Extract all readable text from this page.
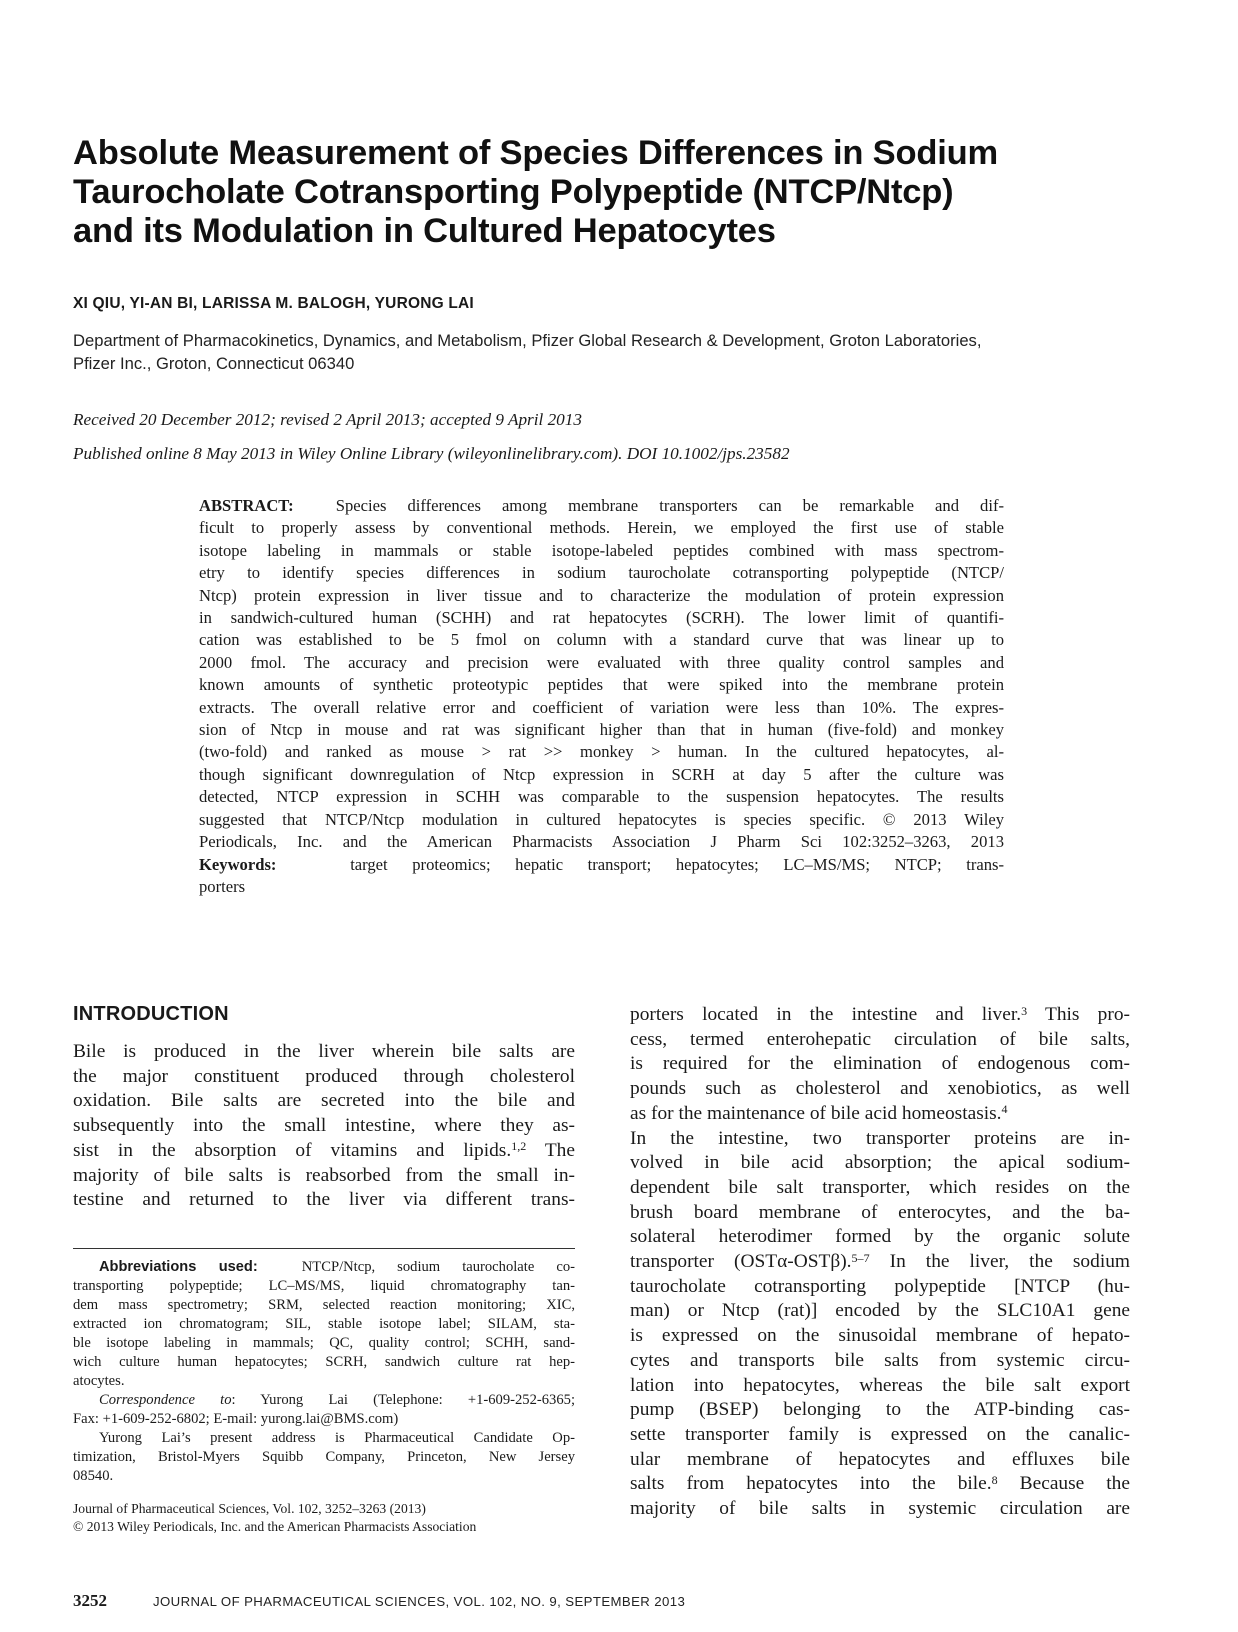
Absolute Measurement of Species Differences in Sodium
Taurocholate Cotransporting Polypeptide (NTCP/Ntcp)
and its Modulation in Cultured Hepatocytes
XI QIU, YI-AN BI, LARISSA M. BALOGH, YURONG LAI
Department of Pharmacokinetics, Dynamics, and Metabolism, Pfizer Global Research & Development, Groton Laboratories,
Pfizer Inc., Groton, Connecticut 06340
Received 20 December 2012; revised 2 April 2013; accepted 9 April 2013
Published online 8 May 2013 in Wiley Online Library (wileyonlinelibrary.com). DOI 10.1002/jps.23582
ABSTRACT:	Species differences among membrane transporters can be remarkable and dif-
ficult to properly assess by conventional methods. Herein, we employed the first use of stable
isotope labeling in mammals or stable isotope-labeled peptides combined with mass spectrom-
etry to identify species differences in sodium taurocholate cotransporting polypeptide (NTCP/
Ntcp) protein expression in liver tissue and to characterize the modulation of protein expression
in sandwich-cultured human (SCHH) and rat hepatocytes (SCRH). The lower limit of quantifi-
cation was established to be 5 fmol on column with a standard curve that was linear up to
2000 fmol. The accuracy and precision were evaluated with three quality control samples and
known amounts of synthetic proteotypic peptides that were spiked into the membrane protein
extracts. The overall relative error and coefficient of variation were less than 10%. The expres-
sion of Ntcp in mouse and rat was significant higher than that in human (five-fold) and monkey
(two-fold) and ranked as mouse > rat >> monkey > human. In the cultured hepatocytes, al-
though significant downregulation of Ntcp expression in SCRH at day 5 after the culture was
detected, NTCP expression in SCHH was comparable to the suspension hepatocytes. The results
suggested that NTCP/Ntcp modulation in cultured hepatocytes is species specific. © 2013 Wiley
Periodicals, Inc. and the American Pharmacists Association J Pharm Sci 102:3252–3263, 2013
Keywords:	target proteomics; hepatic transport; hepatocytes; LC–MS/MS; NTCP; trans-
porters
INTRODUCTION
Bile is produced in the liver wherein bile salts are
the major constituent produced through cholesterol
oxidation. Bile salts are secreted into the bile and
subsequently into the small intestine, where they as-
sist in the absorption of vitamins and lipids.$^{1,2}$ The
majority of bile salts is reabsorbed from the small in-
testine and returned to the liver via different trans-
Abbreviations used:	NTCP/Ntcp, sodium taurocholate co-
transporting polypeptide; LC–MS/MS, liquid chromatography tan-
dem mass spectrometry; SRM, selected reaction monitoring; XIC,
extracted ion chromatogram; SIL, stable isotope label; SILAM, sta-
ble isotope labeling in mammals; QC, quality control; SCHH, sand-
wich culture human hepatocytes; SCRH, sandwich culture rat hep-
atocytes.
Correspondence to: Yurong Lai (Telephone: +1-609-252-6365;
Fax: +1-609-252-6802; E-mail: yurong.lai@BMS.com)
Yurong Lai’s present address is Pharmaceutical Candidate Op-
timization, Bristol-Myers Squibb Company, Princeton, New Jersey
08540.
Journal of Pharmaceutical Sciences, Vol. 102, 3252–3263 (2013)
© 2013 Wiley Periodicals, Inc. and the American Pharmacists Association
porters located in the intestine and liver.$^3$ This pro-
cess, termed enterohepatic circulation of bile salts,
is required for the elimination of endogenous com-
pounds such as cholesterol and xenobiotics, as well
as for the maintenance of bile acid homeostasis.$^4$
In the intestine, two transporter proteins are in-
volved in bile acid absorption; the apical sodium-
dependent bile salt transporter, which resides on the
brush board membrane of enterocytes, and the ba-
solateral heterodimer formed by the organic solute
transporter (OSTα-OSTβ).$^{5-7}$ In the liver, the sodium
taurocholate cotransporting polypeptide [NTCP (hu-
man) or Ntcp (rat)] encoded by the SLC10A1 gene
is expressed on the sinusoidal membrane of hepato-
cytes and transports bile salts from systemic circu-
lation into hepatocytes, whereas the bile salt export
pump (BSEP) belonging to the ATP-binding cas-
sette transporter family is expressed on the canalic-
ular membrane of hepatocytes and effluxes bile
salts from hepatocytes into the bile.$^8$ Because the
majority of bile salts in systemic circulation are
3252	JOURNAL OF PHARMACEUTICAL SCIENCES, VOL. 102, NO. 9, SEPTEMBER 2013
